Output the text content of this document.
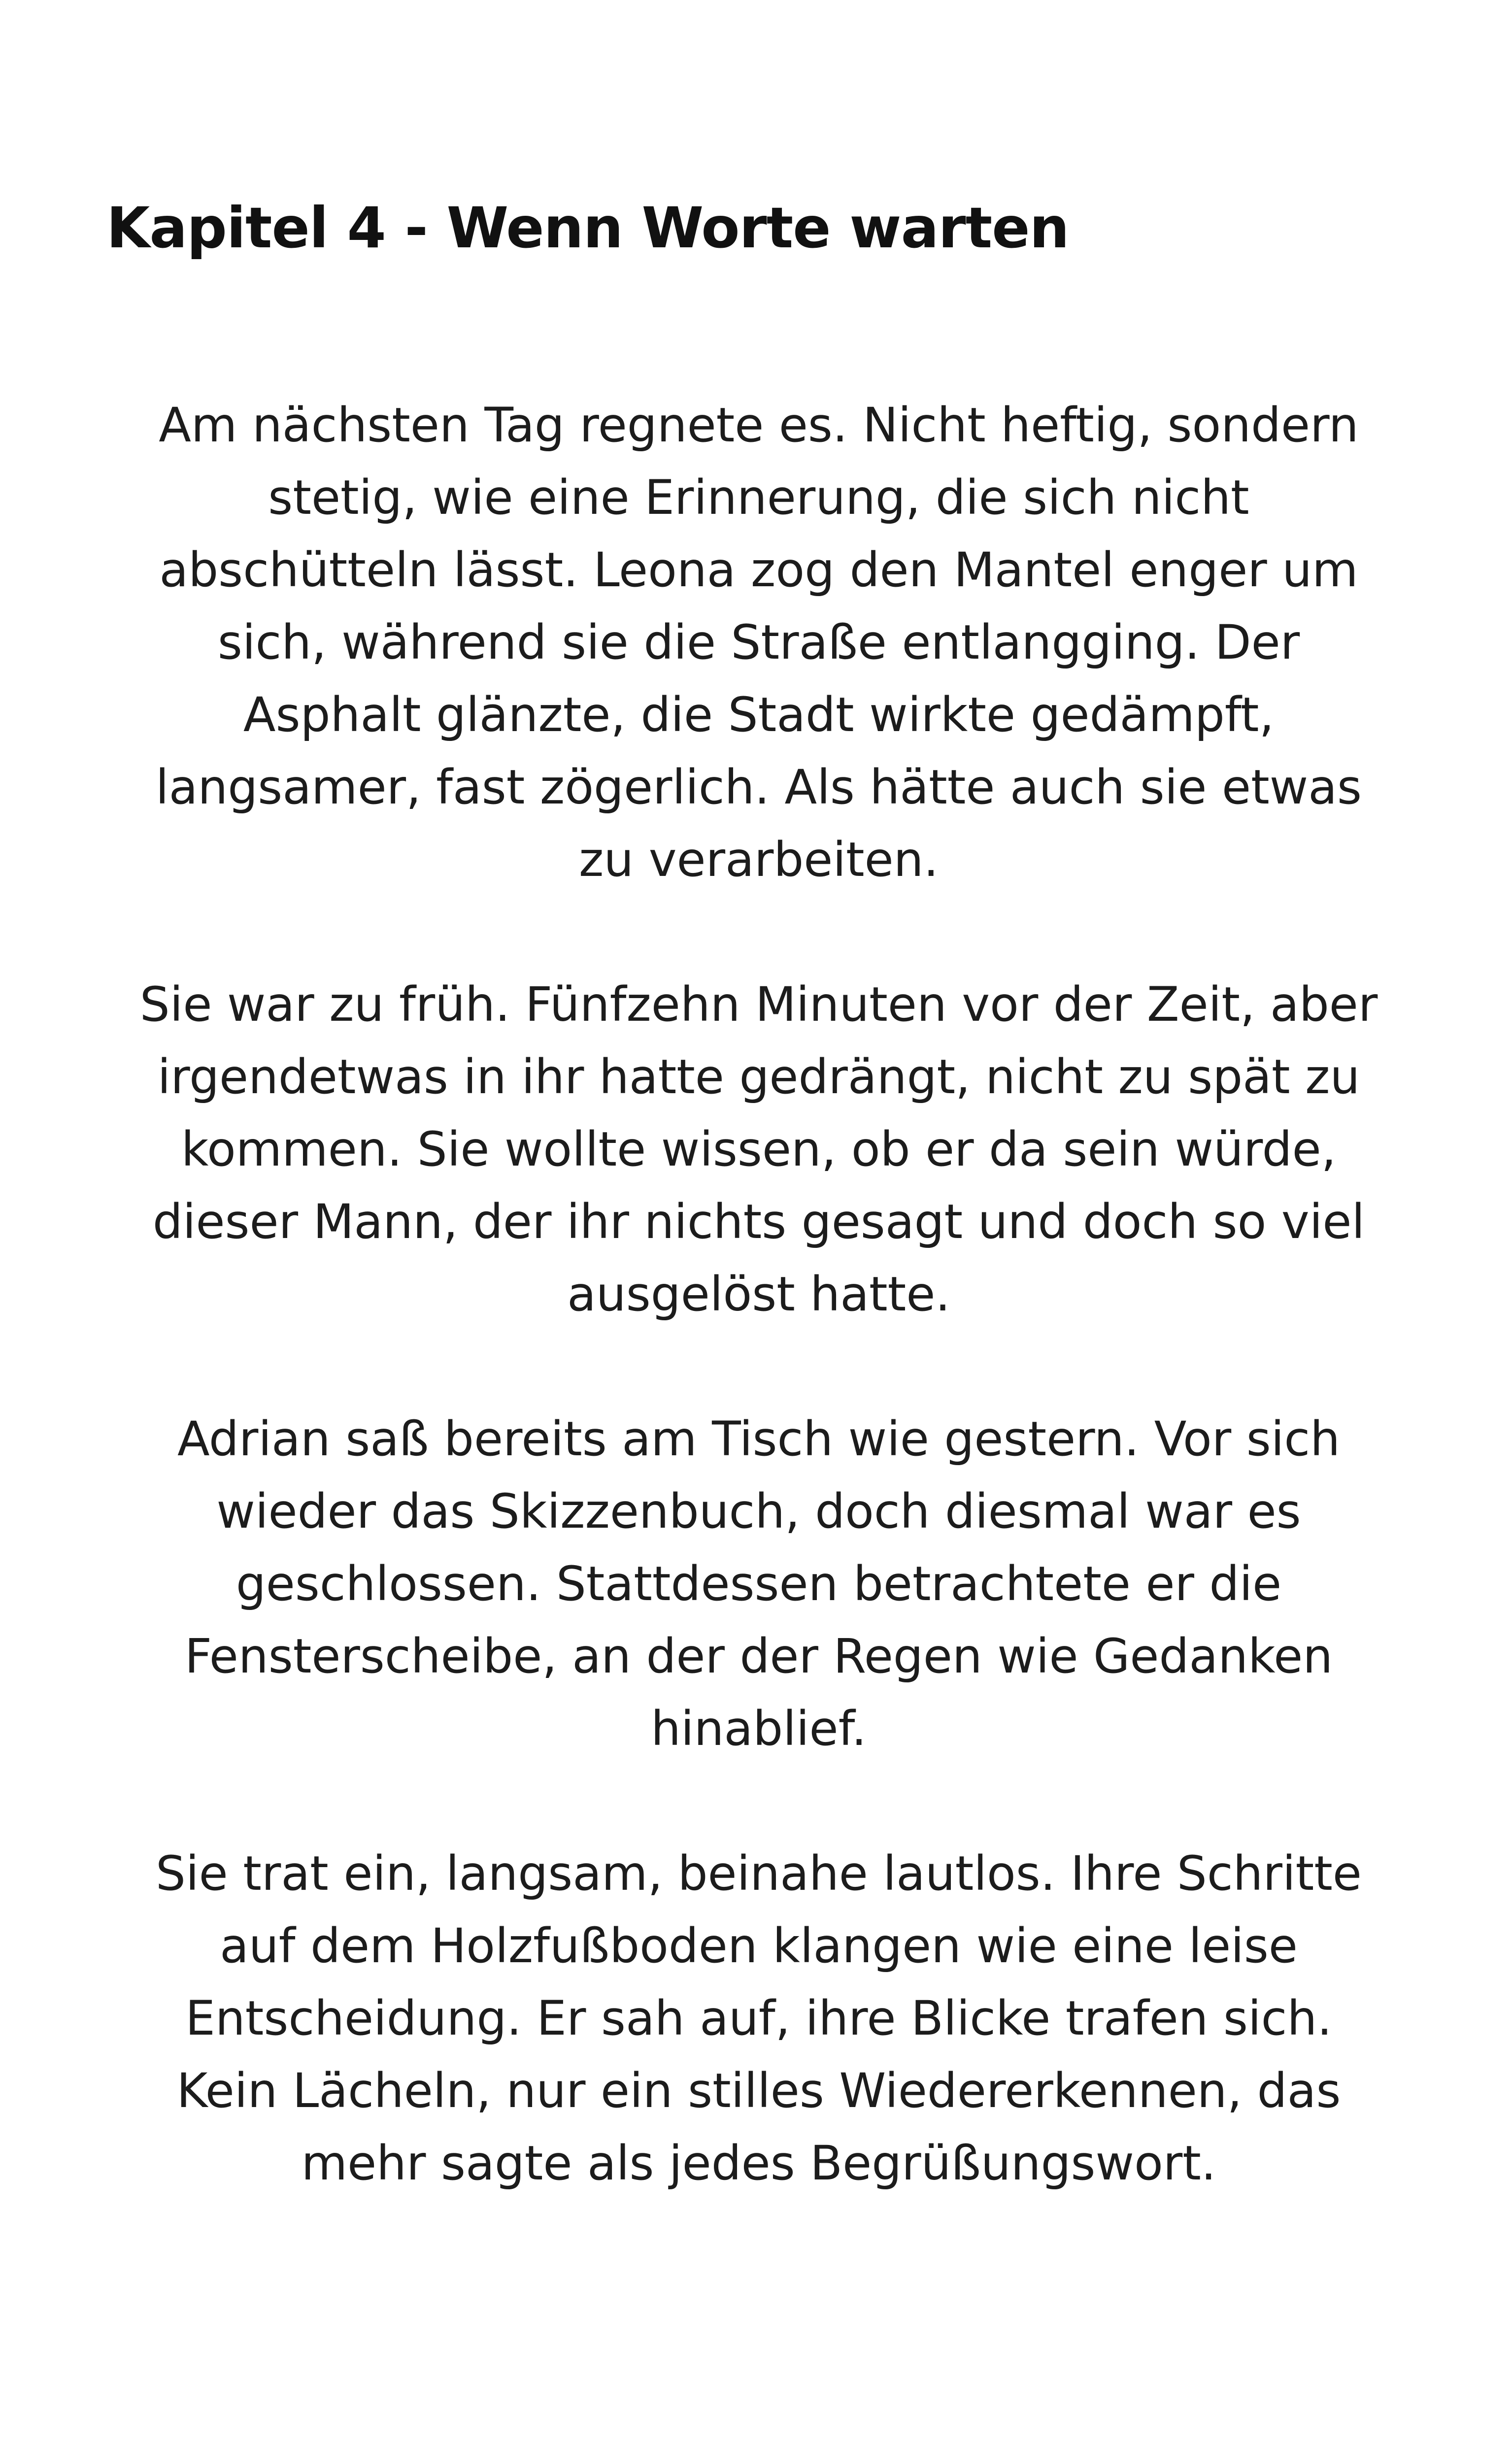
Kapitel 4 - Wenn Worte warten

Am nächsten Tag regnete es. Nicht heftig, sondern
stetig, wie eine Erinnerung, die sich nicht
abschütteln lässt. Leona zog den Mantel enger um
sich, während sie die Straße entlangging. Der
Asphalt glänzte, die Stadt wirkte gedämpft,
langsamer, fast zögerlich. Als hätte auch sie etwas
zu verarbeiten.

Sie war zu früh. Fünfzehn Minuten vor der Zeit, aber
irgendetwas in ihr hatte gedrängt, nicht zu spät zu
kommen. Sie wollte wissen, ob er da sein würde,
dieser Mann, der ihr nichts gesagt und doch so viel
ausgelöst hatte.

Adrian saß bereits am Tisch wie gestern. Vor sich
wieder das Skizzenbuch, doch diesmal war es
geschlossen. Stattdessen betrachtete er die
Fensterscheibe, an der der Regen wie Gedanken
hinablief.

Sie trat ein, langsam, beinahe lautlos. Ihre Schritte
auf dem Holzfußboden klangen wie eine leise
Entscheidung. Er sah auf, ihre Blicke trafen sich.
Kein Lächeln, nur ein stilles Wiedererkennen, das
mehr sagte als jedes Begrüßungswort.
